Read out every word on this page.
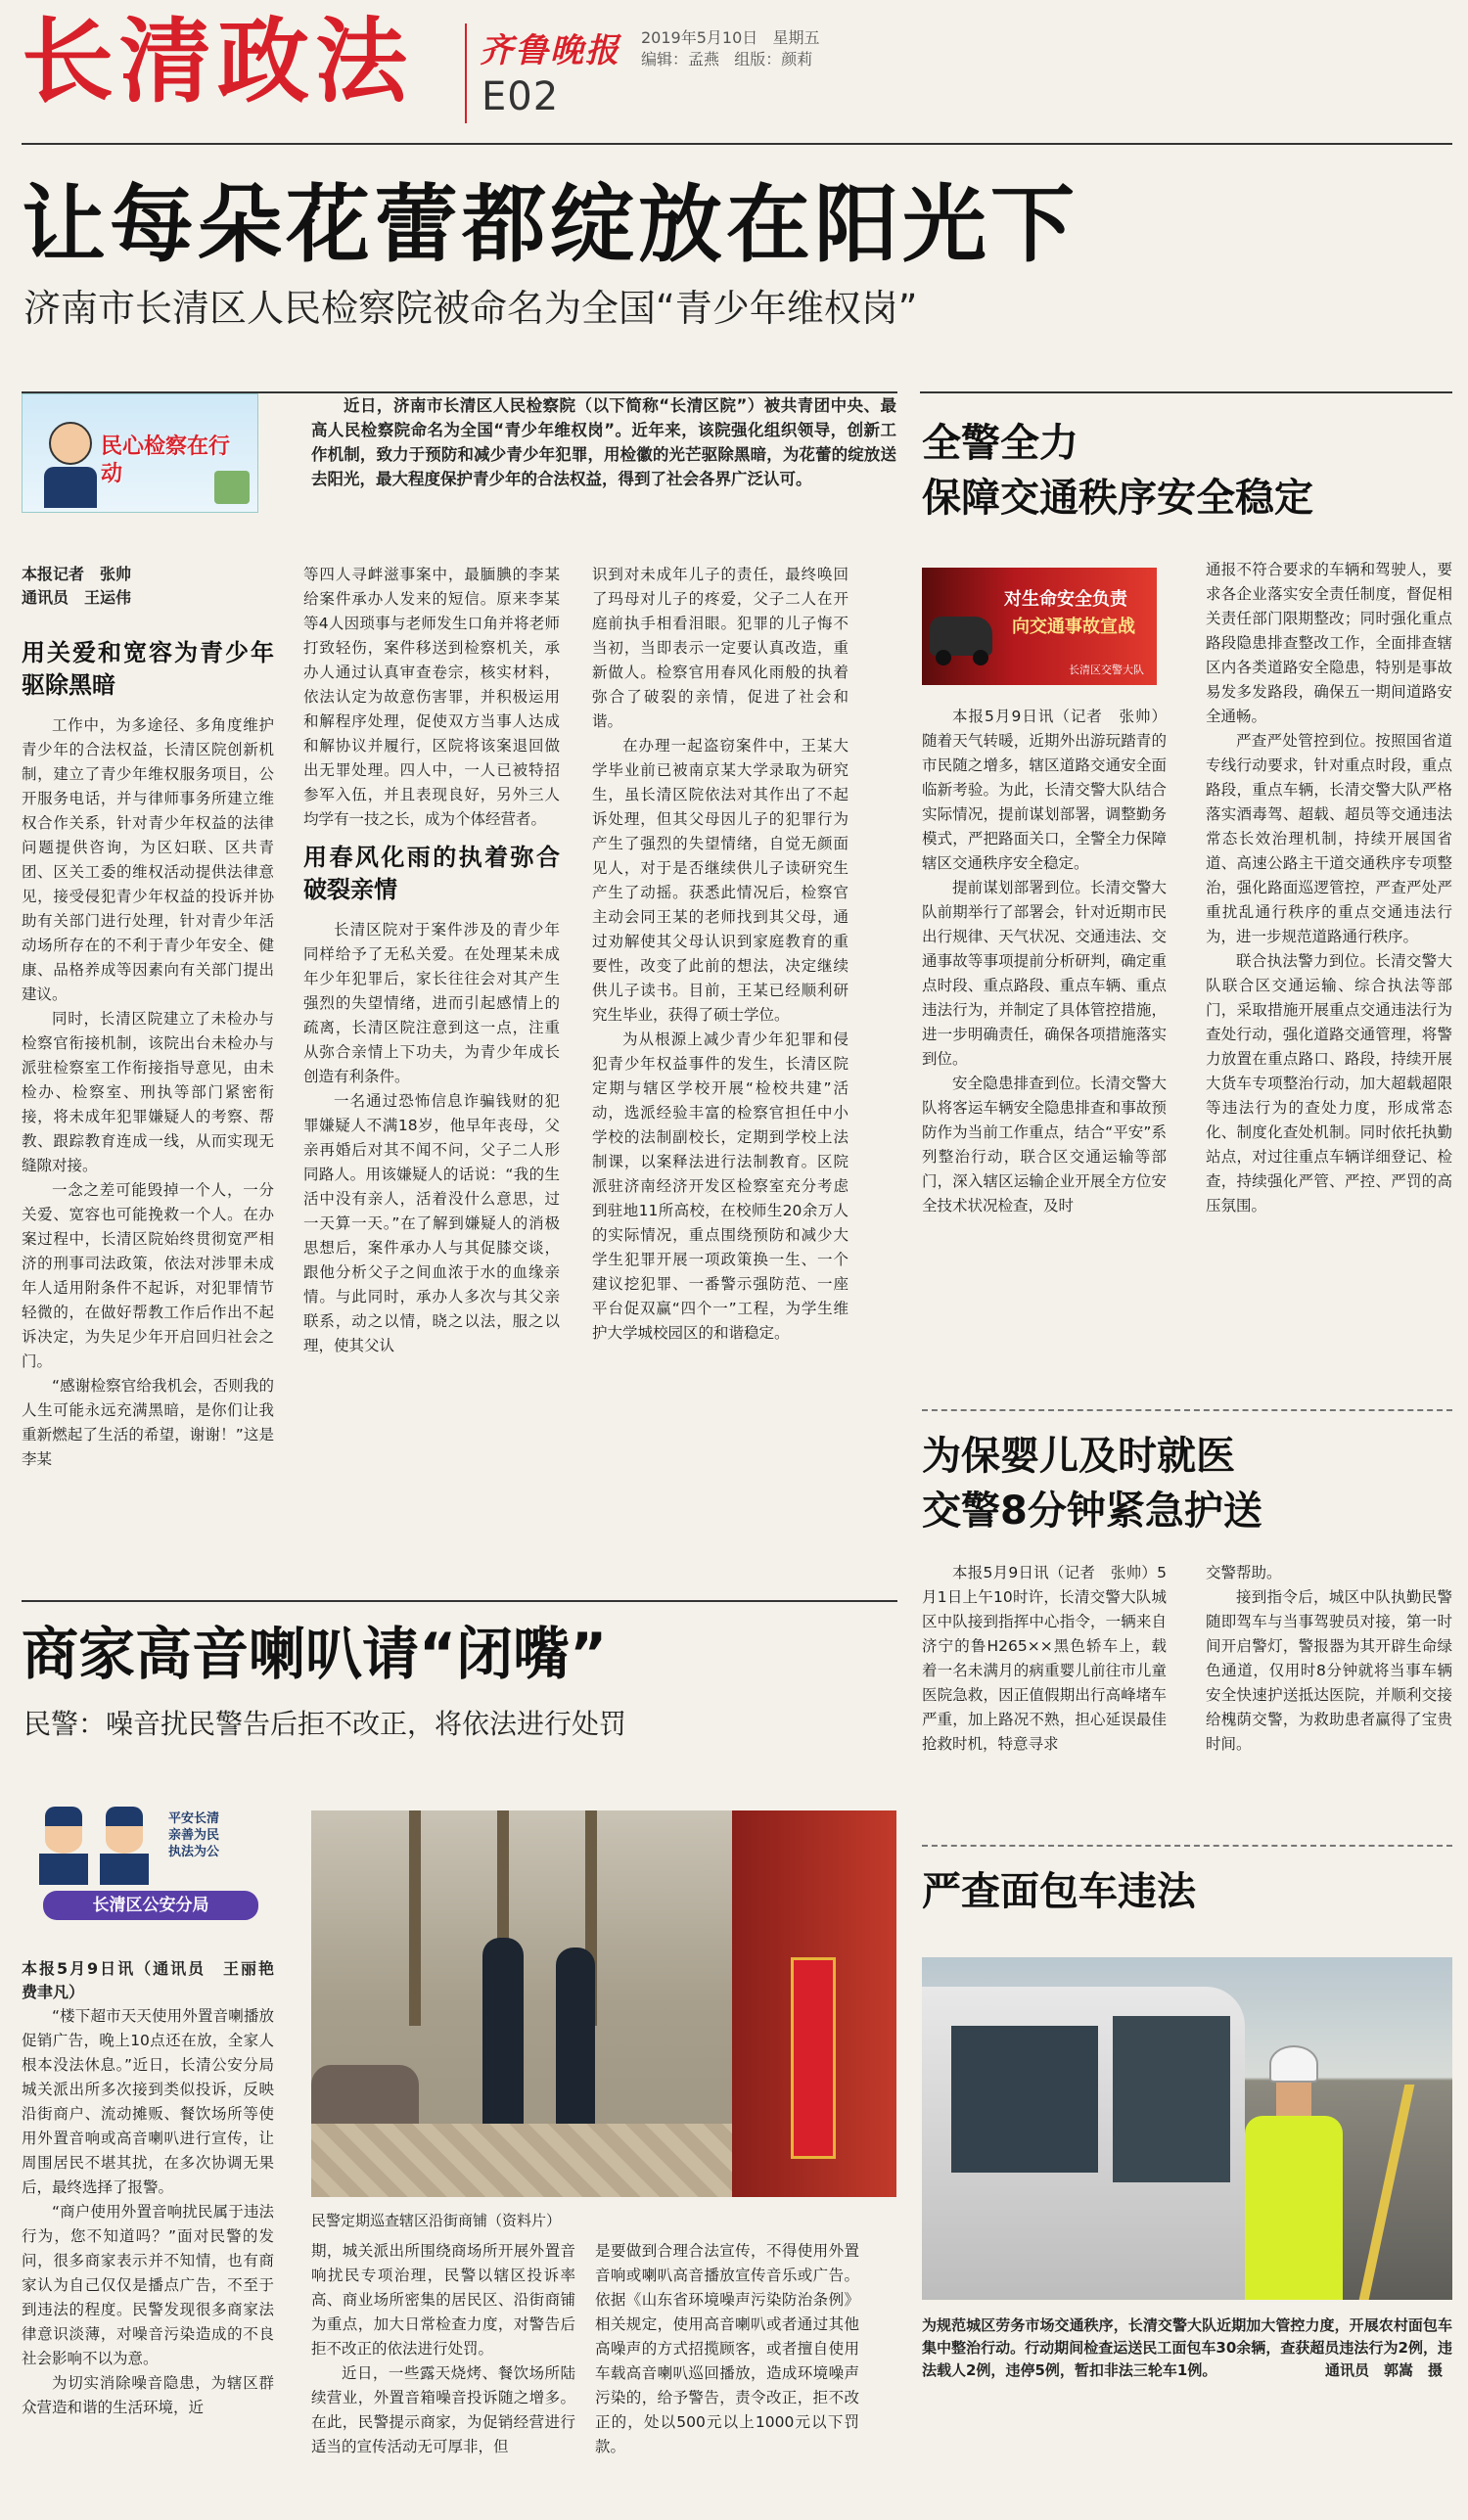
长清政法 齐鲁晚报 2019年5月10日 星期五
编辑：孟燕 组版：颜莉
E02
让每朵花蕾都绽放在阳光下
济南市长清区人民检察院被命名为全国“青少年维权岗”
民心检察在行动

近日，济南市长清区人民检察院（以下简称“长清区院”）被共青团中央、最高人民检察院命名为全国“青少年维权岗”。近年来，该院强化组织领导，创新工作机制，致力于预防和减少青少年犯罪，用检徽的光芒驱除黑暗，为花蕾的绽放送去阳光，最大程度保护青少年的合法权益，得到了社会各界广泛认可。

本报记者　张帅
通讯员　王运伟
用关爱和宽容为青少年驱除黑暗

工作中，为多途径、多角度维护青少年的合法权益，长清区院创新机制，建立了青少年维权服务项目，公开服务电话，并与律师事务所建立维权合作关系，针对青少年权益的法律问题提供咨询，为区妇联、区共青团、区关工委的维权活动提供法律意见，接受侵犯青少年权益的投诉并协助有关部门进行处理，针对青少年活动场所存在的不利于青少年安全、健康、品格养成等因素向有关部门提出建议。

同时，长清区院建立了未检办与检察官衔接机制，该院出台未检办与派驻检察室工作衔接指导意见，由未检办、检察室、刑执等部门紧密衔接，将未成年犯罪嫌疑人的考察、帮教、跟踪教育连成一线，从而实现无缝隙对接。

一念之差可能毁掉一个人，一分关爱、宽容也可能挽救一个人。在办案过程中，长清区院始终贯彻宽严相济的刑事司法政策，依法对涉罪未成年人适用附条件不起诉，对犯罪情节轻微的，在做好帮教工作后作出不起诉决定，为失足少年开启回归社会之门。

“感谢检察官给我机会，否则我的人生可能永远充满黑暗，是你们让我重新燃起了生活的希望，谢谢！”这是李某

等四人寻衅滋事案中，最腼腆的李某给案件承办人发来的短信。原来李某等4人因琐事与老师发生口角并将老师打致轻伤，案件移送到检察机关，承办人通过认真审查卷宗，核实材料，依法认定为故意伤害罪，并积极运用和解程序处理，促使双方当事人达成和解协议并履行，区院将该案退回做出无罪处理。四人中，一人已被特招参军入伍，并且表现良好，另外三人均学有一技之长，成为个体经营者。

用春风化雨的执着弥合破裂亲情

长清区院对于案件涉及的青少年同样给予了无私关爱。在处理某未成年少年犯罪后，家长往往会对其产生强烈的失望情绪，进而引起感情上的疏离，长清区院注意到这一点，注重从弥合亲情上下功夫，为青少年成长创造有利条件。

一名通过恐怖信息诈骗钱财的犯罪嫌疑人不满18岁，他早年丧母，父亲再婚后对其不闻不问，父子二人形同路人。用该嫌疑人的话说：“我的生活中没有亲人，活着没什么意思，过一天算一天。”在了解到嫌疑人的消极思想后，案件承办人与其促膝交谈，跟他分析父子之间血浓于水的血缘亲情。与此同时，承办人多次与其父亲联系，动之以情，晓之以法，服之以理，使其父认

识到对未成年儿子的责任，最终唤回了玛母对儿子的疼爱，父子二人在开庭前执手相看泪眼。犯罪的儿子悔不当初，当即表示一定要认真改造，重新做人。检察官用春风化雨般的执着弥合了破裂的亲情，促进了社会和谐。

在办理一起盗窃案件中，王某大学毕业前已被南京某大学录取为研究生，虽长清区院依法对其作出了不起诉处理，但其父母因儿子的犯罪行为产生了强烈的失望情绪，自觉无颜面见人，对于是否继续供儿子读研究生产生了动摇。获悉此情况后，检察官主动会同王某的老师找到其父母，通过劝解使其父母认识到家庭教育的重要性，改变了此前的想法，决定继续供儿子读书。目前，王某已经顺利研究生毕业，获得了硕士学位。

为从根源上减少青少年犯罪和侵犯青少年权益事件的发生，长清区院定期与辖区学校开展“检校共建”活动，选派经验丰富的检察官担任中小学校的法制副校长，定期到学校上法制课，以案释法进行法制教育。区院派驻济南经济开发区检察室充分考虑到驻地11所高校，在校师生20余万人的实际情况，重点围绕预防和减少大学生犯罪开展一项政策换一生、一个建议挖犯罪、一番警示强防范、一座平台促双赢“四个一”工程，为学生维护大学城校园区的和谐稳定。

全警全力
保障交通秩序安全稳定
对生命安全负责
向交通事故宣战
长清区交警大队

本报5月9日讯（记者　张帅）随着天气转暖，近期外出游玩踏青的市民随之增多，辖区道路交通安全面临新考验。为此，长清交警大队结合实际情况，提前谋划部署，调整勤务模式，严把路面关口，全警全力保障辖区交通秩序安全稳定。

提前谋划部署到位。长清交警大队前期举行了部署会，针对近期市民出行规律、天气状况、交通违法、交通事故等事项提前分析研判，确定重点时段、重点路段、重点车辆、重点违法行为，并制定了具体管控措施，进一步明确责任，确保各项措施落实到位。

安全隐患排查到位。长清交警大队将客运车辆安全隐患排查和事故预防作为当前工作重点，结合“平安”系列整治行动，联合区交通运输等部门，深入辖区运输企业开展全方位安全技术状况检查，及时

通报不符合要求的车辆和驾驶人，要求各企业落实安全责任制度，督促相关责任部门限期整改；同时强化重点路段隐患排查整改工作，全面排查辖区内各类道路安全隐患，特别是事故易发多发路段，确保五一期间道路安全通畅。

严查严处管控到位。按照国省道专线行动要求，针对重点时段，重点路段，重点车辆，长清交警大队严格落实酒毒驾、超载、超员等交通违法常态长效治理机制，持续开展国省道、高速公路主干道交通秩序专项整治，强化路面巡逻管控，严查严处严重扰乱通行秩序的重点交通违法行为，进一步规范道路通行秩序。

联合执法警力到位。长清交警大队联合区交通运输、综合执法等部门，采取措施开展重点交通违法行为查处行动，强化道路交通管理，将警力放置在重点路口、路段，持续开展大货车专项整治行动，加大超载超限等违法行为的查处力度，形成常态化、制度化查处机制。同时依托执勤站点，对过往重点车辆详细登记、检查，持续强化严管、严控、严罚的高压氛围。

为保婴儿及时就医
交警8分钟紧急护送

本报5月9日讯（记者　张帅）5月1日上午10时许，长清交警大队城区中队接到指挥中心指令，一辆来自济宁的鲁H265××黑色轿车上，载着一名未满月的病重婴儿前往市儿童医院急救，因正值假期出行高峰堵车严重，加上路况不熟，担心延误最佳抢救时机，特意寻求

交警帮助。

接到指令后，城区中队执勤民警随即驾车与当事驾驶员对接，第一时间开启警灯，警报器为其开辟生命绿色通道，仅用时8分钟就将当事车辆安全快速护送抵达医院，并顺利交接给槐荫交警，为救助患者赢得了宝贵时间。

严查面包车违法
为规范城区劳务市场交通秩序，长清交警大队近期加大管控力度，开展农村面包车集中整治行动。行动期间检查运送民工面包车30余辆，查获超员违法行为2例，违法载人2例，违停5例，暂扣非法三轮车1例。	通讯员　郭嵩　摄
商家高音喇叭请“闭嘴”
民警：噪音扰民警告后拒不改正，将依法进行处罚
平安长清
亲善为民
执法为公
长清区公安分局
本报5月9日讯（通讯员　王丽艳　费聿凡）

“楼下超市天天使用外置音喇播放促销广告，晚上10点还在放，全家人根本没法休息。”近日，长清公安分局城关派出所多次接到类似投诉，反映沿街商户、流动摊贩、餐饮场所等使用外置音响或高音喇叭进行宣传，让周围居民不堪其扰，在多次协调无果后，最终选择了报警。

“商户使用外置音响扰民属于违法行为，您不知道吗？”面对民警的发问，很多商家表示并不知情，也有商家认为自己仅仅是播点广告，不至于到违法的程度。民警发现很多商家法律意识淡薄，对噪音污染造成的不良社会影响不以为意。

为切实消除噪音隐患，为辖区群众营造和谐的生活环境，近

民警定期巡查辖区沿街商铺（资料片）

期，城关派出所围绕商场所开展外置音响扰民专项治理，民警以辖区投诉率高、商业场所密集的居民区、沿街商铺为重点，加大日常检查力度，对警告后拒不改正的依法进行处罚。

近日，一些露天烧烤、餐饮场所陆续营业，外置音箱噪音投诉随之增多。在此，民警提示商家，为促销经营进行适当的宣传活动无可厚非，但

是要做到合理合法宣传，不得使用外置音响或喇叭高音播放宣传音乐或广告。依据《山东省环境噪声污染防治条例》相关规定，使用高音喇叭或者通过其他高噪声的方式招揽顾客，或者擅自使用车载高音喇叭巡回播放，造成环境噪声污染的，给予警告，责令改正，拒不改正的，处以500元以上1000元以下罚款。
